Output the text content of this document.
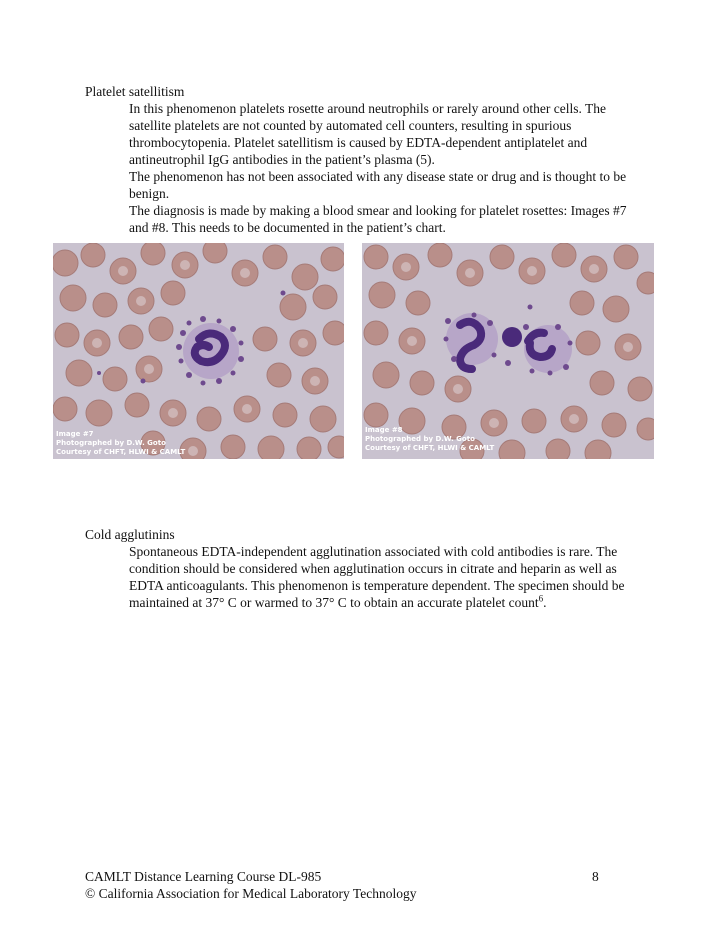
Platelet satellitism

In this phenomenon platelets rosette around neutrophils or rarely around other cells. The satellite platelets are not counted by automated cell counters, resulting in spurious thrombocytopenia. Platelet satellitism is caused by EDTA-dependent antiplatelet and antineutrophil IgG antibodies in the patient’s plasma (5).

The phenomenon has not been associated with any disease state or drug and is thought to be benign.

The diagnosis is made by making a blood smear and looking for platelet rosettes: Images #7 and #8. This needs to be documented in the patient’s chart.

Image #7
Photographed by D.W. Goto
Courtesy of CHFT, HLWI & CAMLT
Image #8
Photographed by D.W. Goto
Courtesy of CHFT, HLWI & CAMLT
Cold agglutinins

Spontaneous EDTA-independent agglutination associated with cold antibodies is rare. The condition should be considered when agglutination occurs in citrate and heparin as well as EDTA anticoagulants. This phenomenon is temperature dependent. The specimen should be maintained at 37° C or warmed to 37° C to obtain an accurate platelet count$^6$.

CAMLT Distance Learning Course DL-985	8
© California Association for Medical Laboratory Technology
